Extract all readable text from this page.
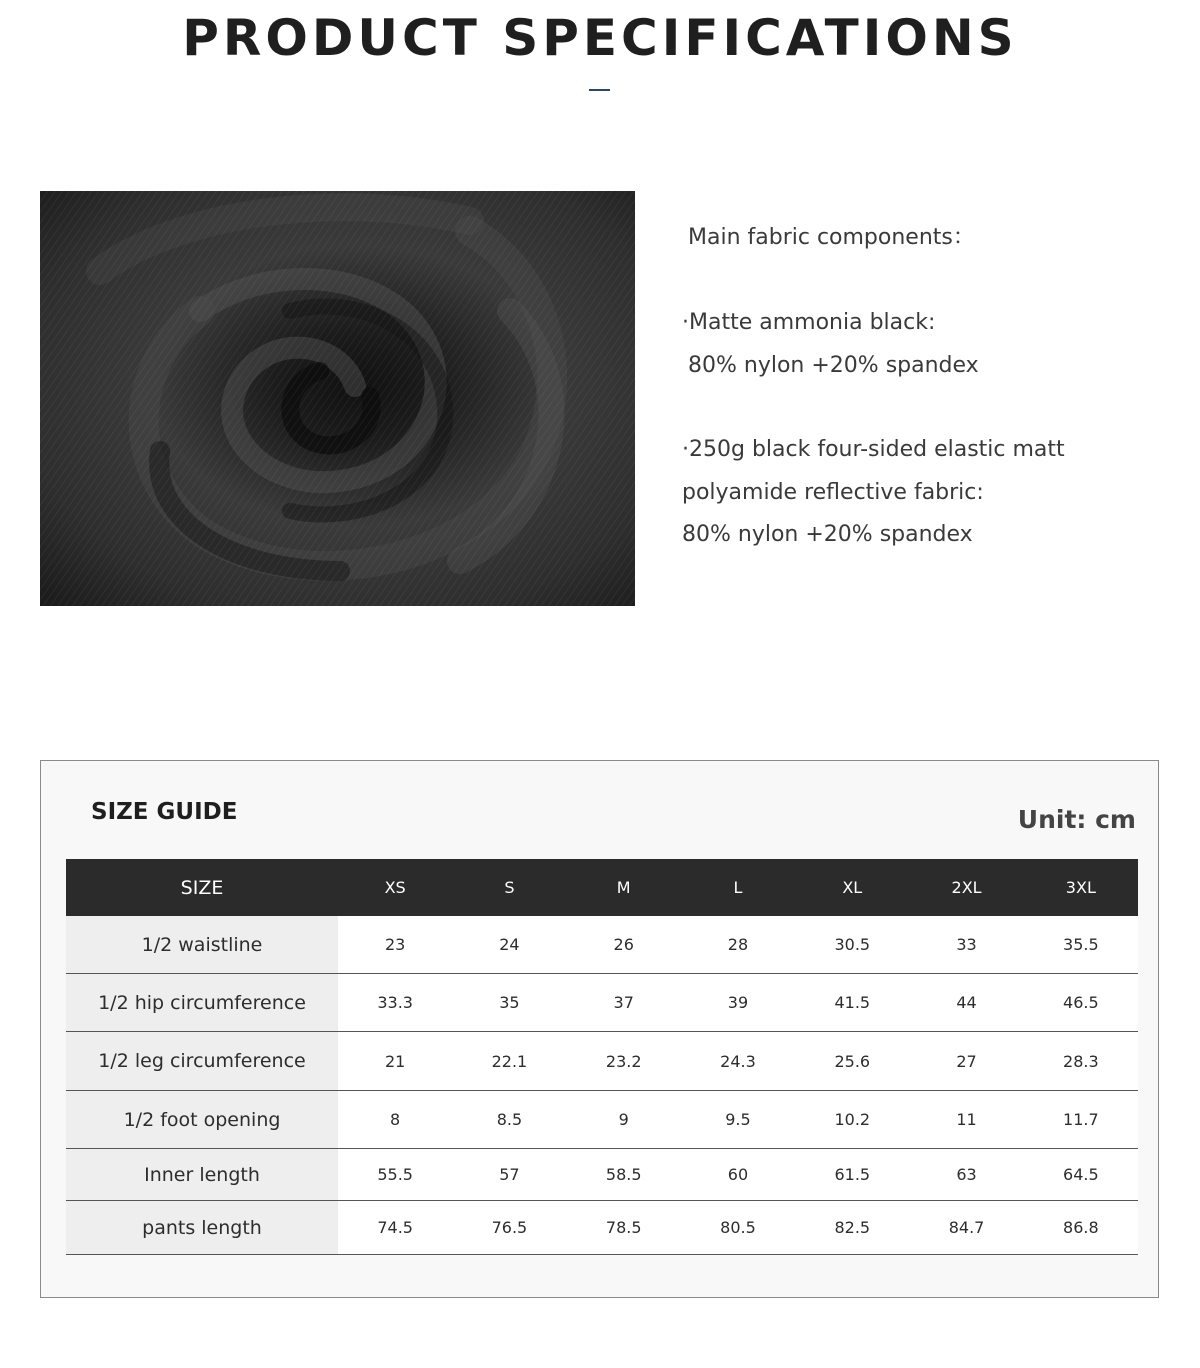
PRODUCT SPECIFICATIONS
Main fabric components：
·Matte ammonia black:
80% nylon +20% spandex
·250g black four-sided elastic matt
polyamide reflective fabric:
80% nylon +20% spandex
SIZE GUIDE	Unit: cm
SIZE	XS	S	M	L	XL	2XL	3XL
1/2 waistline	23	24	26	28	30.5	33	35.5
1/2 hip circumference	33.3	35	37	39	41.5	44	46.5
1/2 leg circumference	21	22.1	23.2	24.3	25.6	27	28.3
1/2 foot opening	8	8.5	9	9.5	10.2	11	11.7
Inner length	55.5	57	58.5	60	61.5	63	64.5
pants length	74.5	76.5	78.5	80.5	82.5	84.7	86.8
